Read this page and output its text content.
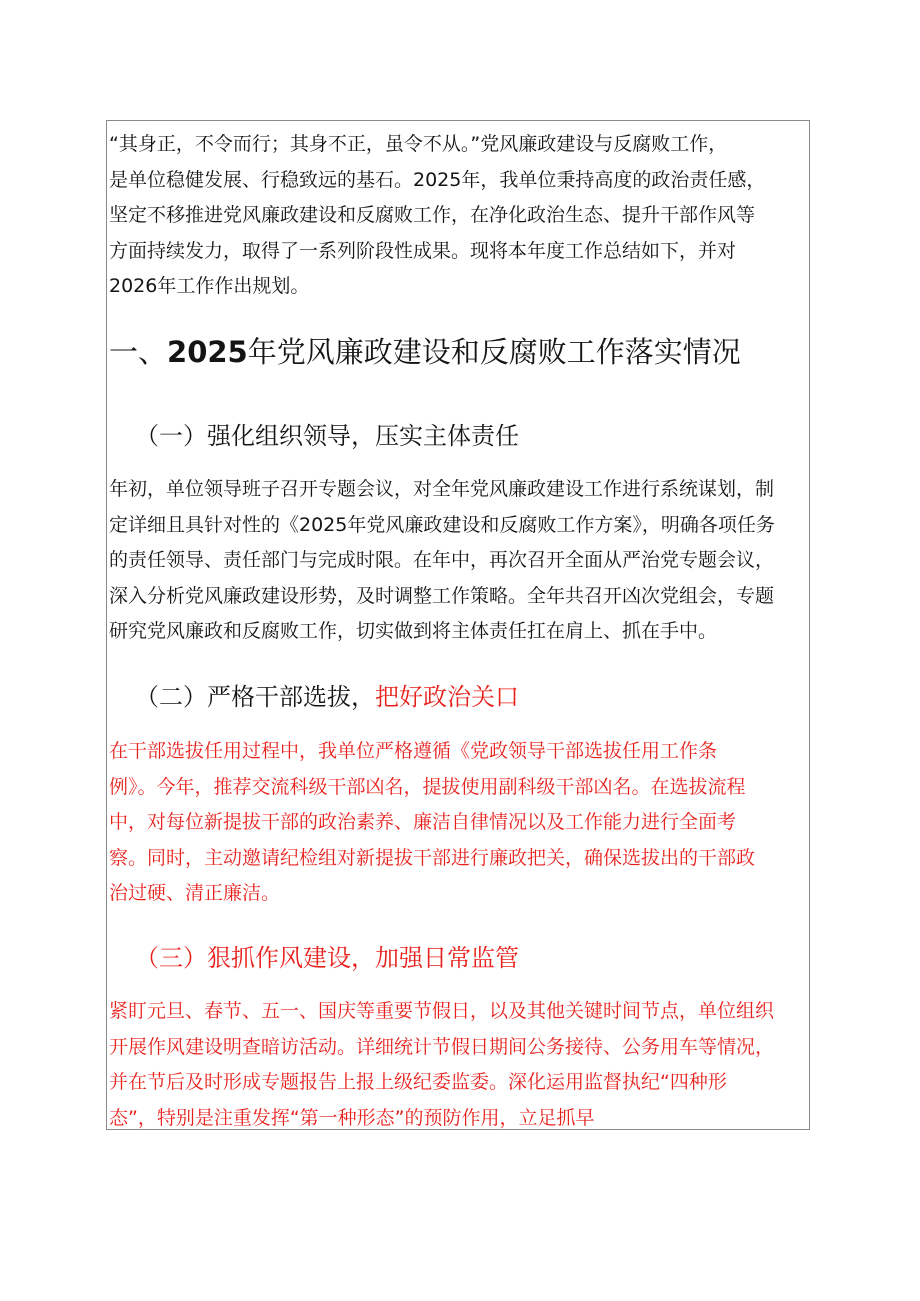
“其身正，不令而行；其身不正，虽令不从。”党风廉政建设与反腐败工作，
是单位稳健发展、行稳致远的基石。2025年，我单位秉持高度的政治责任感，
坚定不移推进党风廉政建设和反腐败工作，在净化政治生态、提升干部作风等
方面持续发力，取得了一系列阶段性成果。现将本年度工作总结如下，并对
2026年工作作出规划。
一、2025年党风廉政建设和反腐败工作落实情况
（一）强化组织领导，压实主体责任
年初，单位领导班子召开专题会议，对全年党风廉政建设工作进行系统谋划，制
定详细且具针对性的《2025年党风廉政建设和反腐败工作方案》，明确各项任务
的责任领导、责任部门与完成时限。在年中，再次召开全面从严治党专题会议，
深入分析党风廉政建设形势，及时调整工作策略。全年共召开凶次党组会，专题
研究党风廉政和反腐败工作，切实做到将主体责任扛在肩上、抓在手中。
（二）严格干部选拔，把好政治关口
在干部选拔任用过程中，我单位严格遵循《党政领导干部选拔任用工作条
例》。今年，推荐交流科级干部凶名，提拔使用副科级干部凶名。在选拔流程
中，对每位新提拔干部的政治素养、廉洁自律情况以及工作能力进行全面考
察。同时，主动邀请纪检组对新提拔干部进行廉政把关，确保选拔出的干部政
治过硬、清正廉洁。
（三）狠抓作风建设，加强日常监管
紧盯元旦、春节、五一、国庆等重要节假日，以及其他关键时间节点，单位组织
开展作风建设明查暗访活动。详细统计节假日期间公务接待、公务用车等情况，
并在节后及时形成专题报告上报上级纪委监委。深化运用监督执纪“四种形
态”，特别是注重发挥“第一种形态”的预防作用，立足抓早
